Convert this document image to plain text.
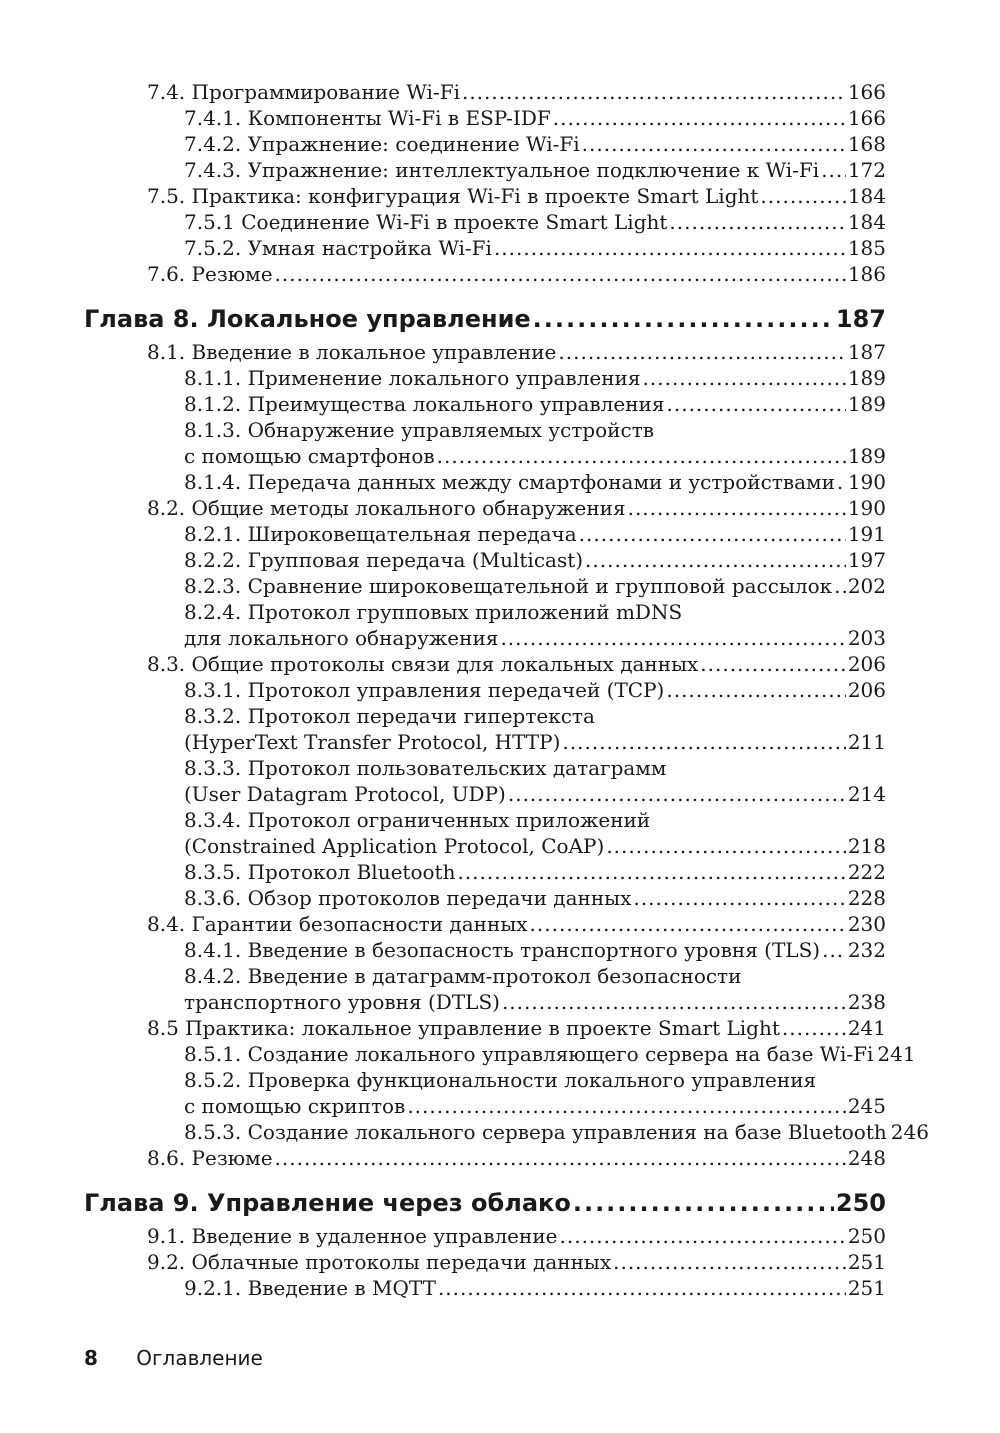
7.4. Программирование Wi-Fi .....	166
7.4.1. Компоненты Wi-Fi в ESP-IDF .....	166
7.4.2. Упражнение: соединение Wi-Fi .....	168
7.4.3. Упражнение: интеллектуальное подключение к Wi-Fi ..... 172
7.5. Практика: конфигурация Wi-Fi в проекте Smart Light .....	184
7.5.1 Соединение Wi-Fi в проекте Smart Light .....	184
7.5.2. Умная настройка Wi-Fi .....	185
7.6. Резюме .....	186
Глава 8. Локальное управление .....	187
8.1. Введение в локальное управление .....	187
8.1.1. Применение локального управления .....	189
8.1.2. Преимущества локального управления .....	189
8.1.3. Обнаружение управляемых устройств
с помощью смартфонов .....	189
8.1.4. Передача данных между смартфонами и устройствами ..... 190
8.2. Общие методы локального обнаружения .....	190
8.2.1. Широковещательная передача .....	191
8.2.2. Групповая передача (Multicast) .....	197
8.2.3. Сравнение широковещательной и групповой рассылок ..... 202
8.2.4. Протокол групповых приложений mDNS
для локального обнаружения .....	203
8.3. Общие протоколы связи для локальных данных .....	206
8.3.1. Протокол управления передачей (TCP) .....	206
8.3.2. Протокол передачи гипертекста
(HyperText Transfer Protocol, HTTP) .....	211
8.3.3. Протокол пользовательских датаграмм
(User Datagram Protocol, UDP) .....	214
8.3.4. Протокол ограниченных приложений
(Constrained Application Protocol, CoAP) .....	218
8.3.5. Протокол Bluetooth .....	222
8.3.6. Обзор протоколов передачи данных .....	228
8.4. Гарантии безопасности данных .....	230
8.4.1. Введение в безопасность транспортного уровня (TLS) ..... 232
8.4.2. Введение в датаграмм-протокол безопасности
транспортного уровня (DTLS) .....	238
8.5 Практика: локальное управление в проекте Smart Light .....	241
8.5.1. Создание локального управляющего сервера на базе Wi-Fi 241
8.5.2. Проверка функциональности локального управления
с помощью скриптов .....	245
8.5.3. Создание локального сервера управления на базе Bluetooth 246
8.6. Резюме .....	248
Глава 9. Управление через облако .....	250
9.1. Введение в удаленное управление .....	250
9.2. Облачные протоколы передачи данных .....	251
9.2.1. Введение в MQTT .....	251
8 Оглавление
